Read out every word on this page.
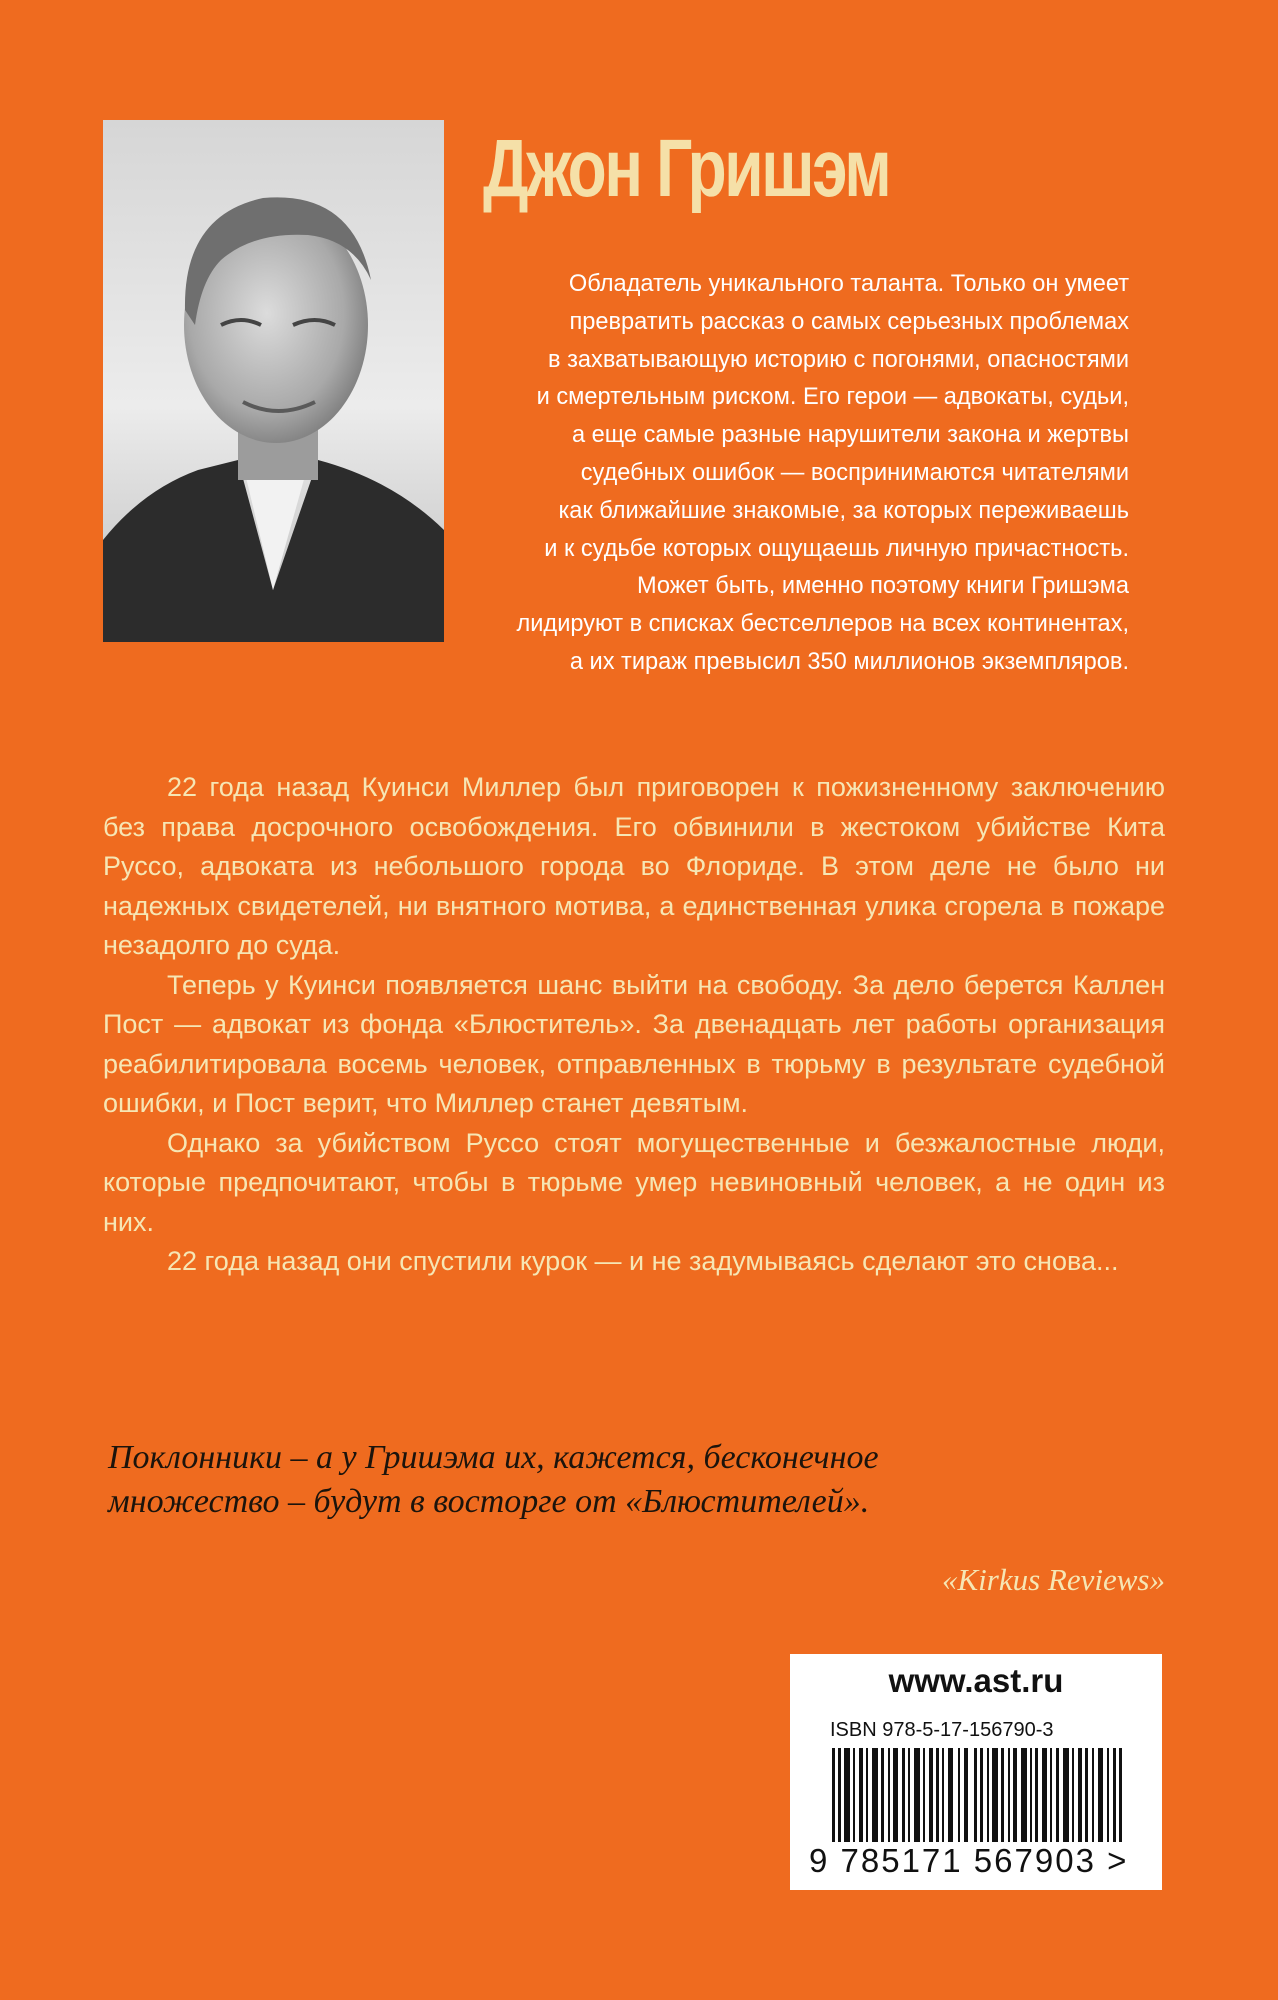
Джон Гришэм
Обладатель уникального таланта. Только он умеет
превратить рассказ о самых серьезных проблемах
в захватывающую историю с погонями, опасностями
и смертельным риском. Его герои — адвокаты, судьи,
а еще самые разные нарушители закона и жертвы
судебных ошибок — воспринимаются читателями
как ближайшие знакомые, за которых переживаешь
и к судьбе которых ощущаешь личную причастность.
Может быть, именно поэтому книги Гришэма
лидируют в списках бестселлеров на всех континентах,
а их тираж превысил 350 миллионов экземпляров.

22 года назад Куинси Миллер был приговорен к пожизненному заключению без права досрочного освобождения. Его обвинили в жестоком убийстве Кита Руссо, адвоката из небольшого города во Флориде. В этом деле не было ни надежных свидетелей, ни внятного мотива, а единственная улика сгорела в пожаре незадолго до суда.

Теперь у Куинси появляется шанс выйти на свободу. За дело берется Каллен Пост — адвокат из фонда «Блюститель». За двенадцать лет работы организация реабилитировала восемь человек, отправленных в тюрьму в результате судебной ошибки, и Пост верит, что Миллер станет девятым.

Однако за убийством Руссо стоят могущественные и безжалостные люди, которые предпочитают, чтобы в тюрьме умер невиновный человек, а не один из них.

22 года назад они спустили курок — и не задумываясь сделают это снова...

Поклонники – а у Гришэма их, кажется, бесконечное
множество – будут в восторге от «Блюстителей».
«Kirkus Reviews»
www.ast.ru
ISBN 978-5-17-156790-3
9 785171 567903 >
